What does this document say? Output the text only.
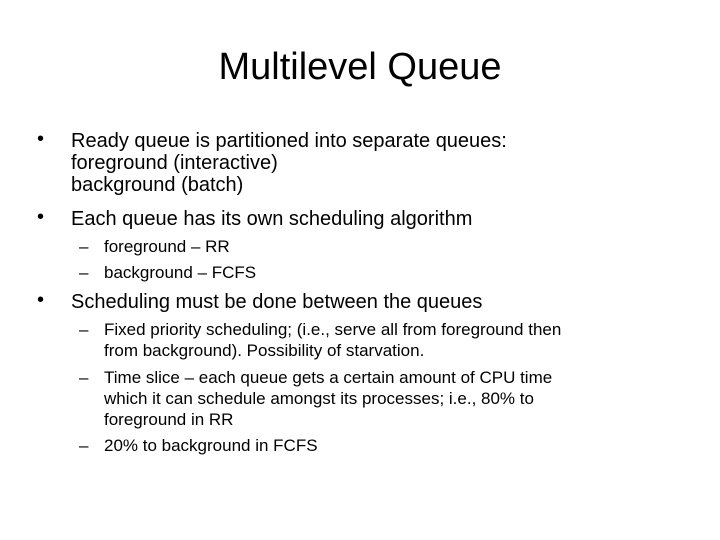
Multilevel Queue
• Ready queue is partitioned into separate queues:
foreground (interactive)
background (batch)
• Each queue has its own scheduling algorithm
– foreground – RR
– background – FCFS
• Scheduling must be done between the queues
– Fixed priority scheduling; (i.e., serve all from foreground then
from background). Possibility of starvation.
– Time slice – each queue gets a certain amount of CPU time
which it can schedule amongst its processes; i.e., 80% to
foreground in RR
– 20% to background in FCFS
